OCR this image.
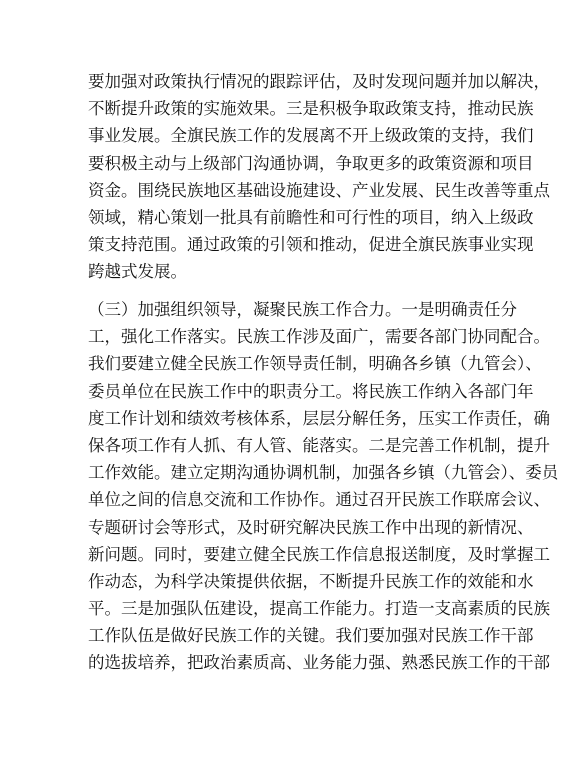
要加强对政策执行情况的跟踪评估，及时发现问题并加以解决，
不断提升政策的实施效果。三是积极争取政策支持，推动民族
事业发展。全旗民族工作的发展离不开上级政策的支持，我们
要积极主动与上级部门沟通协调，争取更多的政策资源和项目
资金。围绕民族地区基础设施建设、产业发展、民生改善等重点
领域，精心策划一批具有前瞻性和可行性的项目，纳入上级政
策支持范围。通过政策的引领和推动，促进全旗民族事业实现
跨越式发展。
（三）加强组织领导，凝聚民族工作合力。一是明确责任分
工，强化工作落实。民族工作涉及面广，需要各部门协同配合。
我们要建立健全民族工作领导责任制，明确各乡镇（九管会）、
委员单位在民族工作中的职责分工。将民族工作纳入各部门年
度工作计划和绩效考核体系，层层分解任务，压实工作责任，确
保各项工作有人抓、有人管、能落实。二是完善工作机制，提升
工作效能。建立定期沟通协调机制，加强各乡镇（九管会）、委员
单位之间的信息交流和工作协作。通过召开民族工作联席会议、
专题研讨会等形式，及时研究解决民族工作中出现的新情况、
新问题。同时，要建立健全民族工作信息报送制度，及时掌握工
作动态，为科学决策提供依据，不断提升民族工作的效能和水
平。三是加强队伍建设，提高工作能力。打造一支高素质的民族
工作队伍是做好民族工作的关键。我们要加强对民族工作干部
的选拔培养，把政治素质高、业务能力强、熟悉民族工作的干部
